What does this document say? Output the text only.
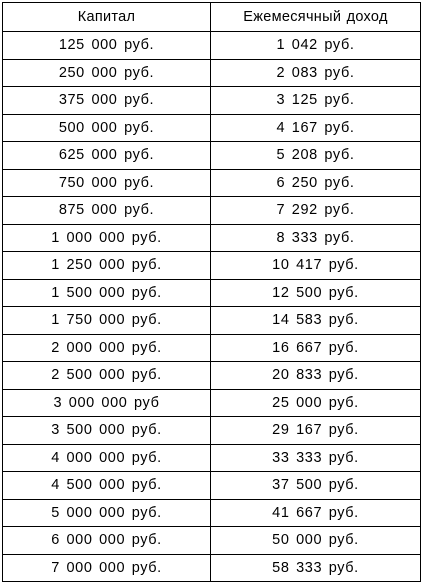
Капитал	Ежемесячный доход
125 000 руб.	1 042 руб.
250 000 руб.	2 083 руб.
375 000 руб.	3 125 руб.
500 000 руб.	4 167 руб.
625 000 руб.	5 208 руб.
750 000 руб.	6 250 руб.
875 000 руб.	7 292 руб.
1 000 000 руб.	8 333 руб.
1 250 000 руб.	10 417 руб.
1 500 000 руб.	12 500 руб.
1 750 000 руб.	14 583 руб.
2 000 000 руб.	16 667 руб.
2 500 000 руб.	20 833 руб.
3 000 000 руб	25 000 руб.
3 500 000 руб.	29 167 руб.
4 000 000 руб.	33 333 руб.
4 500 000 руб.	37 500 руб.
5 000 000 руб.	41 667 руб.
6 000 000 руб.	50 000 руб.
7 000 000 руб.	58 333 руб.
